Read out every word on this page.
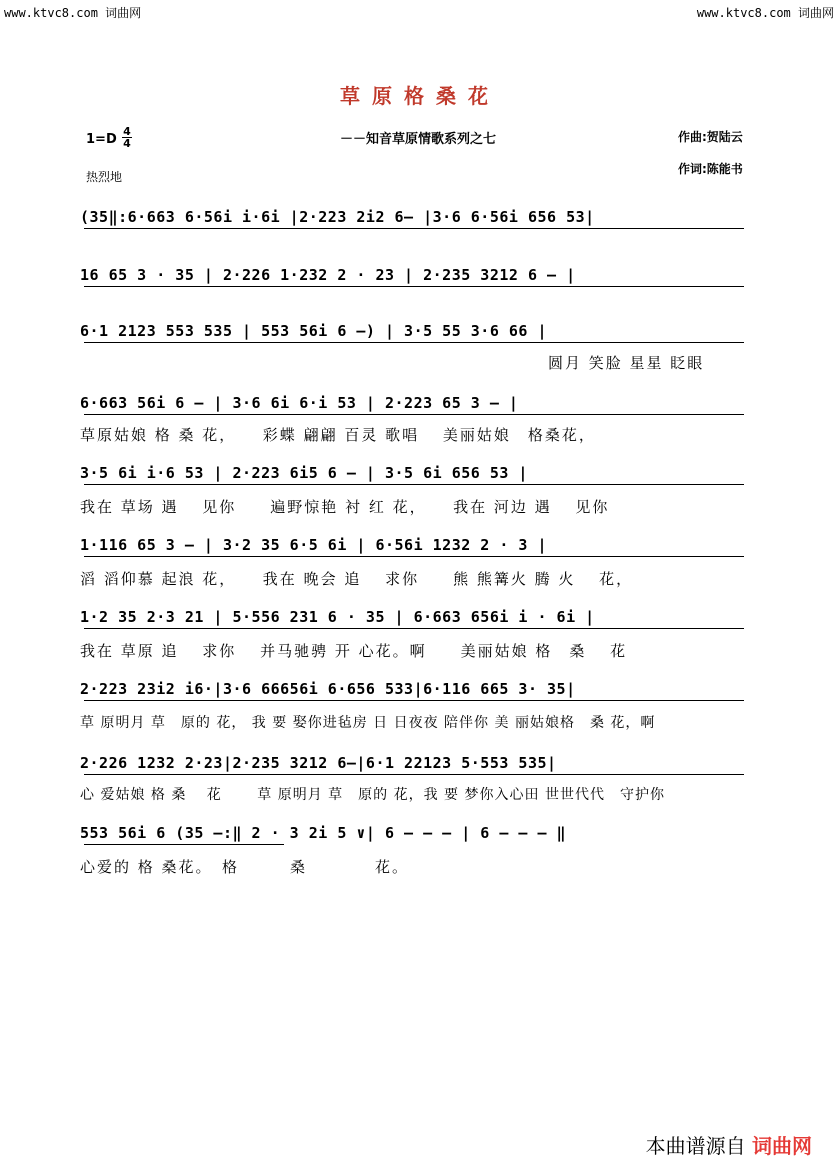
www.ktvc8.com 词曲网	www.ktvc8.com 词曲网
草原格桑花
－－知音草原情歌系列之七
1=D
4
4	作曲:贺陆云
作词:陈能书
热烈地
(35‖:6·663 6·56i i·6i |2·223 2i2 6– |3·6 6·56i 656 53|
16 65 3 · 35 | 2·226 1·232 2 · 23 | 2·235 3212 6 – |
6·1 2123 553 535 | 553 56i 6 –) | 3·5 55 3·6 66 |
圆月 笑脸 星星 眨眼
6·663 56i 6 – | 3·6 6i 6·i 53 | 2·223 65 3 – |
草原姑娘 格 桑 花，　　彩蝶 翩翩 百灵 歌唱　 美丽姑娘　格桑花，
3·5 6i i·6 53 | 2·223 6i5 6 – | 3·5 6i 656 53 |
我在 草场 遇　 见你　　遍野惊艳 衬 红 花，　　我在 河边 遇　 见你
1·116 65 3 – | 3·2 35 6·5 6i | 6·56i 1232 2 · 3 |
滔 滔仰慕 起浪 花，　　我在 晚会 追　 求你　　熊 熊篝火 腾 火　 花，
1·2 35 2·3 21 | 5·556 231 6 · 35 | 6·663 656i i · 6i |
我在 草原 追　 求你　 并马驰骋 开 心花。啊　　美丽姑娘 格　桑　 花
2·223 23i2 i6·|3·6 66656i 6·656 533|6·116 665 3· 35|
草 原明月 草　原的 花， 我 要 娶你进毡房 日 日夜夜 陪伴你 美 丽姑娘格　桑 花，啊
2·226 1232 2·23|2·235 3212 6–|6·1 22123 5·553 535|
心 爱姑娘 格 桑　 花　　 草 原明月 草　原的 花，我 要 梦你入心田 世世代代　守护你
553 56i 6 (35 –:‖ 2 · 3 2i 5 ∨| 6 – – – | 6 – – – ‖
心爱的 格 桑花。　格　　　桑　　　　花。
本曲谱源自 词曲网
